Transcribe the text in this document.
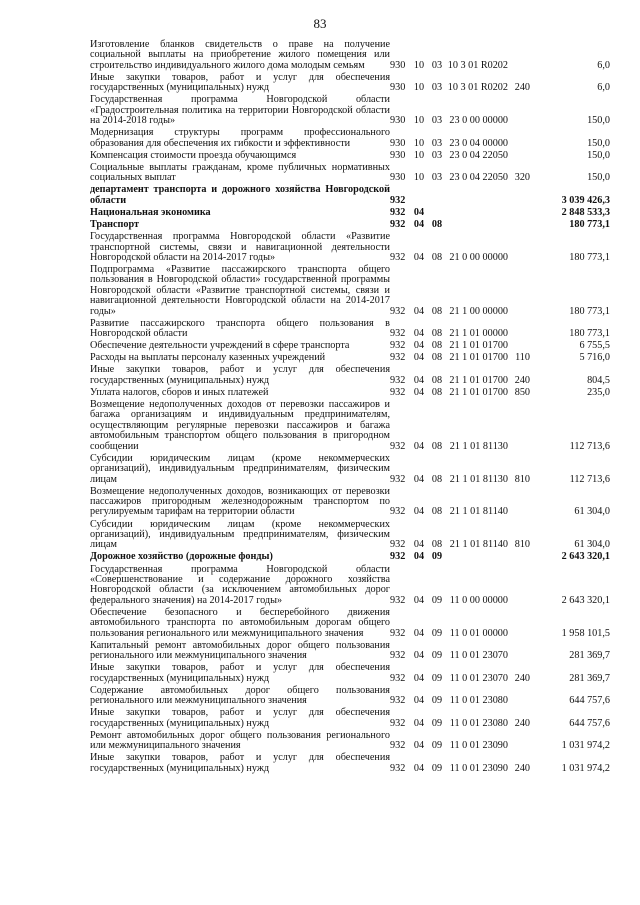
83
Изготовление бланков свидетельств о праве на получение социальной выплаты на приобретение жилого помещения или строительство индивидуального жилого дома молодым семьям	930	10	03	10 3 01 R0202		6,0
Иные закупки товаров, работ и услуг для обеспечения государственных (муниципальных) нужд	930	10	03	10 3 01 R0202	240	6,0
Государственная программа Новгородской области «Градостроительная политика на территории Новгородской области на 2014-2018 годы»	930	10	03	23 0 00 00000		150,0
Модернизация структуры программ профессионального образования для обеспечения их гибкости и эффективности	930	10	03	23 0 04 00000		150,0
Компенсация стоимости проезда обучающимся	930	10	03	23 0 04 22050		150,0
Социальные выплаты гражданам, кроме публичных нормативных социальных выплат	930	10	03	23 0 04 22050	320	150,0
департамент транспорта и дорожного хозяйства Новгородской области	932					3 039 426,3
Национальная экономика	932	04				2 848 533,3
Транспорт	932	04	08			180 773,1
Государственная программа Новгородской области «Развитие транспортной системы, связи и навигационной деятельности Новгородской области на 2014-2017 годы»	932	04	08	21 0 00 00000		180 773,1
Подпрограмма «Развитие пассажирского транспорта общего пользования в Новгородской области» государственной программы Новгородской области «Развитие транспортной системы, связи и навигационной деятельности Новгородской области на 2014-2017 годы»	932	04	08	21 1 00 00000		180 773,1
Развитие пассажирского транспорта общего пользования в Новгородской области	932	04	08	21 1 01 00000		180 773,1
Обеспечение деятельности учреждений в сфере транспорта	932	04	08	21 1 01 01700		6 755,5
Расходы на выплаты персоналу казенных учреждений	932	04	08	21 1 01 01700	110	5 716,0
Иные закупки товаров, работ и услуг для обеспечения государственных (муниципальных) нужд	932	04	08	21 1 01 01700	240	804,5
Уплата налогов, сборов и иных платежей	932	04	08	21 1 01 01700	850	235,0
Возмещение недополученных доходов от перевозки пассажиров и багажа организациям и индивидуальным предпринимателям, осуществляющим регулярные перевозки пассажиров и багажа автомобильным транспортом общего пользования в пригородном сообщении	932	04	08	21 1 01 81130		112 713,6
Субсидии юридическим лицам (кроме некоммерческих организаций), индивидуальным предпринимателям, физическим лицам	932	04	08	21 1 01 81130	810	112 713,6
Возмещение недополученных доходов, возникающих от перевозки пассажиров пригородным железнодорожным транспортом по регулируемым тарифам на территории области	932	04	08	21 1 01 81140		61 304,0
Субсидии юридическим лицам (кроме некоммерческих организаций), индивидуальным предпринимателям, физическим лицам	932	04	08	21 1 01 81140	810	61 304,0
Дорожное хозяйство (дорожные фонды)	932	04	09			2 643 320,1
Государственная программа Новгородской области «Совершенствование и содержание дорожного хозяйства Новгородской области (за исключением автомобильных дорог федерального значения) на 2014-2017 годы»	932	04	09	11 0 00 00000		2 643 320,1
Обеспечение безопасного и бесперебойного движения автомобильного транспорта по автомобильным дорогам общего пользования регионального или межмуниципального значения	932	04	09	11 0 01 00000		1 958 101,5
Капитальный ремонт автомобильных дорог общего пользования регионального или межмуниципального значения	932	04	09	11 0 01 23070		281 369,7
Иные закупки товаров, работ и услуг для обеспечения государственных (муниципальных) нужд	932	04	09	11 0 01 23070	240	281 369,7
Содержание автомобильных дорог общего пользования регионального или межмуниципального значения	932	04	09	11 0 01 23080		644 757,6
Иные закупки товаров, работ и услуг для обеспечения государственных (муниципальных) нужд	932	04	09	11 0 01 23080	240	644 757,6
Ремонт автомобильных дорог общего пользования регионального или межмуниципального значения	932	04	09	11 0 01 23090		1 031 974,2
Иные закупки товаров, работ и услуг для обеспечения государственных (муниципальных) нужд	932	04	09	11 0 01 23090	240	1 031 974,2
